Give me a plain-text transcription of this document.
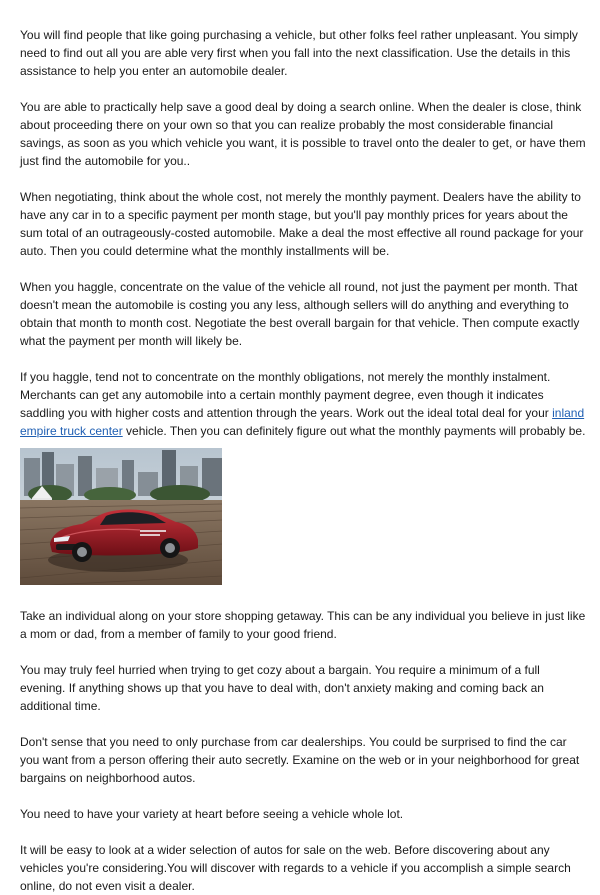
You will find people that like going purchasing a vehicle, but other folks feel rather unpleasant. You simply need to find out all you are able very first when you fall into the next classification. Use the details in this assistance to help you enter an automobile dealer.

You are able to practically help save a good deal by doing a search online. When the dealer is close, think about proceeding there on your own so that you can realize probably the most considerable financial savings, as soon as you which vehicle you want, it is possible to travel onto the dealer to get, or have them just find the automobile for you..

When negotiating, think about the whole cost, not merely the monthly payment. Dealers have the ability to have any car in to a specific payment per month stage, but you'll pay monthly prices for years about the sum total of an outrageously-costed automobile. Make a deal the most effective all round package for your auto. Then you could determine what the monthly installments will be.

When you haggle, concentrate on the value of the vehicle all round, not just the payment per month. That doesn't mean the automobile is costing you any less, although sellers will do anything and everything to obtain that month to month cost. Negotiate the best overall bargain for that vehicle. Then compute exactly what the payment per month will likely be.

If you haggle, tend not to concentrate on the monthly obligations, not merely the monthly instalment. Merchants can get any automobile into a certain monthly payment degree, even though it indicates saddling you with higher costs and attention through the years. Work out the ideal total deal for your inland empire truck center vehicle. Then you can definitely figure out what the monthly payments will probably be.

Take an individual along on your store shopping getaway. This can be any individual you believe in just like a mom or dad, from a member of family to your good friend.

You may truly feel hurried when trying to get cozy about a bargain. You require a minimum of a full evening. If anything shows up that you have to deal with, don't anxiety making and coming back an additional time.

Don't sense that you need to only purchase from car dealerships. You could be surprised to find the car you want from a person offering their auto secretly. Examine on the web or in your neighborhood for great bargains on neighborhood autos.

You need to have your variety at heart before seeing a vehicle whole lot.

It will be easy to look at a wider selection of autos for sale on the web. Before discovering about any vehicles you're considering.You will discover with regards to a vehicle if you accomplish a simple search online, do not even visit a dealer.
